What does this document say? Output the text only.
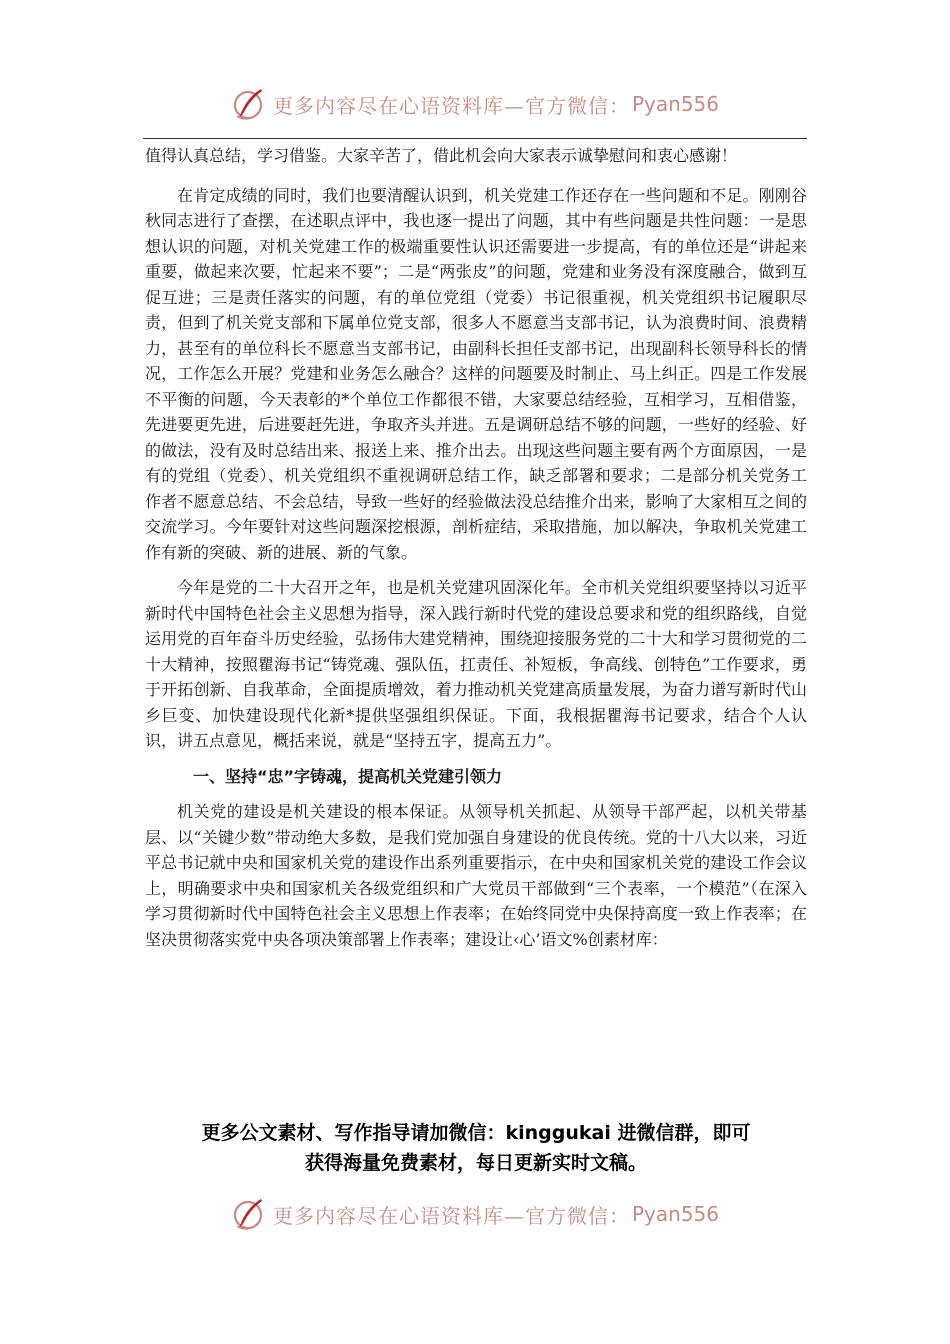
更多内容尽在心语资料库—官方微信： Pyan556

值得认真总结，学习借鉴。大家辛苦了，借此机会向大家表示诚挚慰问和衷心感谢！

在肯定成绩的同时，我们也要清醒认识到，机关党建工作还存在一些问题和不足。刚刚谷秋同志进行了查摆，在述职点评中，我也逐一提出了问题，其中有些问题是共性问题：一是思想认识的问题，对机关党建工作的极端重要性认识还需要进一步提高，有的单位还是“讲起来重要，做起来次要，忙起来不要”；二是“两张皮”的问题，党建和业务没有深度融合，做到互促互进；三是责任落实的问题，有的单位党组（党委）书记很重视，机关党组织书记履职尽责，但到了机关党支部和下属单位党支部，很多人不愿意当支部书记，认为浪费时间、浪费精力，甚至有的单位科长不愿意当支部书记，由副科长担任支部书记，出现副科长领导科长的情况，工作怎么开展？党建和业务怎么融合？这样的问题要及时制止、马上纠正。四是工作发展不平衡的问题，今天表彰的*个单位工作都很不错，大家要总结经验，互相学习，互相借鉴，先进要更先进，后进要赶先进，争取齐头并进。五是调研总结不够的问题，一些好的经验、好的做法，没有及时总结出来、报送上来、推介出去。出现这些问题主要有两个方面原因，一是有的党组（党委）、机关党组织不重视调研总结工作，缺乏部署和要求；二是部分机关党务工作者不愿意总结、不会总结，导致一些好的经验做法没总结推介出来，影响了大家相互之间的交流学习。今年要针对这些问题深挖根源，剖析症结，采取措施，加以解决，争取机关党建工作有新的突破、新的进展、新的气象。

今年是党的二十大召开之年，也是机关党建巩固深化年。全市机关党组织要坚持以习近平新时代中国特色社会主义思想为指导，深入践行新时代党的建设总要求和党的组织路线，自觉运用党的百年奋斗历史经验，弘扬伟大建党精神，围绕迎接服务党的二十大和学习贯彻党的二十大精神，按照瞿海书记“铸党魂、强队伍，扛责任、补短板，争高线、创特色”工作要求，勇于开拓创新、自我革命，全面提质增效，着力推动机关党建高质量发展，为奋力谱写新时代山乡巨变、加快建设现代化新*提供坚强组织保证。下面，我根据瞿海书记要求，结合个人认识，讲五点意见，概括来说，就是“坚持五字，提高五力”。

一、坚持“忠”字铸魂，提高机关党建引领力

机关党的建设是机关建设的根本保证。从领导机关抓起、从领导干部严起，以机关带基层、以“关键少数”带动绝大多数，是我们党加强自身建设的优良传统。党的十八大以来，习近平总书记就中央和国家机关党的建设作出系列重要指示，在中央和国家机关党的建设工作会议上，明确要求中央和国家机关各级党组织和广大党员干部做到“三个表率，一个模范”（在深入学习贯彻新时代中国特色社会主义思想上作表率；在始终同党中央保持高度一致上作表率；在坚决贯彻落实党中央各项决策部署上作表率；建设让‹心’语文%创素材库：

更多公文素材、写作指导请加微信：kinggukai 进微信群，即可
获得海量免费素材，每日更新实时文稿。
更多内容尽在心语资料库—官方微信： Pyan556
